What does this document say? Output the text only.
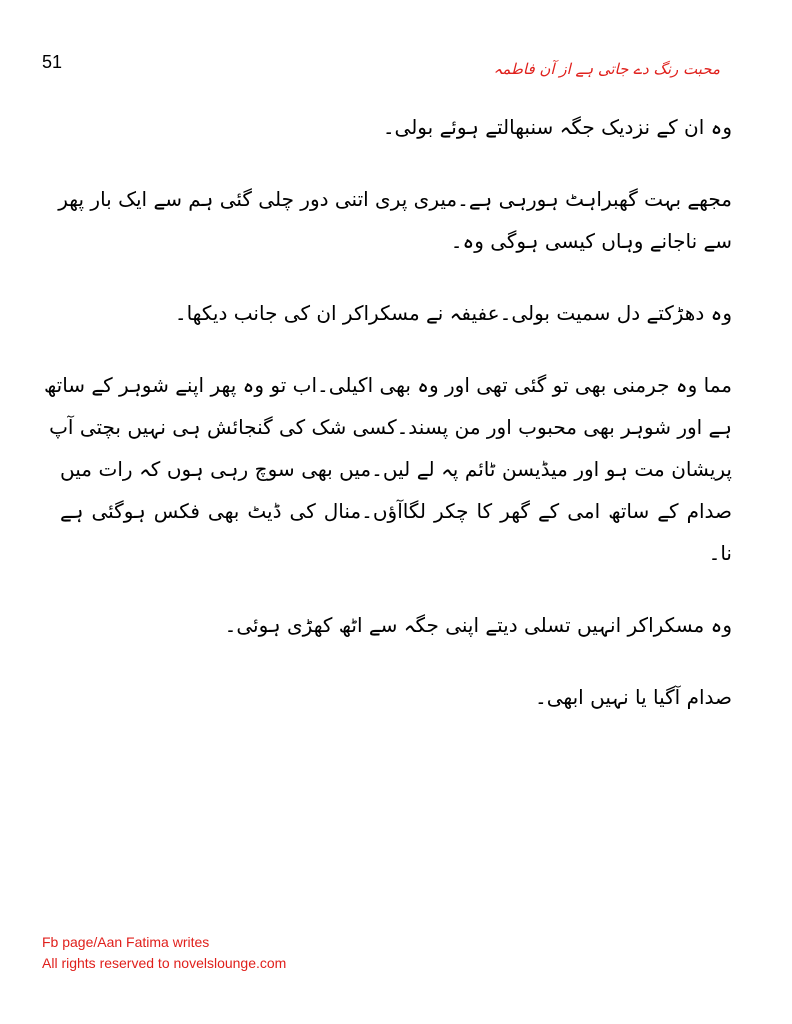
51	محبت رنگ دے جاتی ہے از آن فاطمہ

وہ ان کے نزدیک جگہ سنبھالتے ہوئے بولی۔

مجھے بہت گھبراہٹ ہورہی ہے۔میری پری اتنی دور چلی گئی ہم سے ایک بار پھر
سے ناجانے وہاں کیسی ہوگی وہ۔

وہ دھڑکتے دل سمیت بولی۔عفیفہ نے مسکراکر ان کی جانب دیکھا۔

مما وہ جرمنی بھی تو گئی تھی اور وہ بھی اکیلی۔اب تو وہ پھر اپنے شوہر کے ساتھ
ہے اور شوہر بھی محبوب اور من پسند۔کسی شک کی گنجائش ہی نہیں بچتی آپ
پریشان مت ہو اور میڈیسن ٹائم پہ لے لیں۔میں بھی سوچ رہی ہوں کہ رات میں
صدام کے ساتھ امی کے گھر کا چکر لگاآؤں۔منال کی ڈیٹ بھی فکس ہوگئی ہے
نا۔

وہ مسکراکر انہیں تسلی دیتے اپنی جگہ سے اٹھ کھڑی ہوئی۔

صدام آگیا یا نہیں ابھی۔

Fb page/Aan Fatima writes
All rights reserved to novelslounge.com
